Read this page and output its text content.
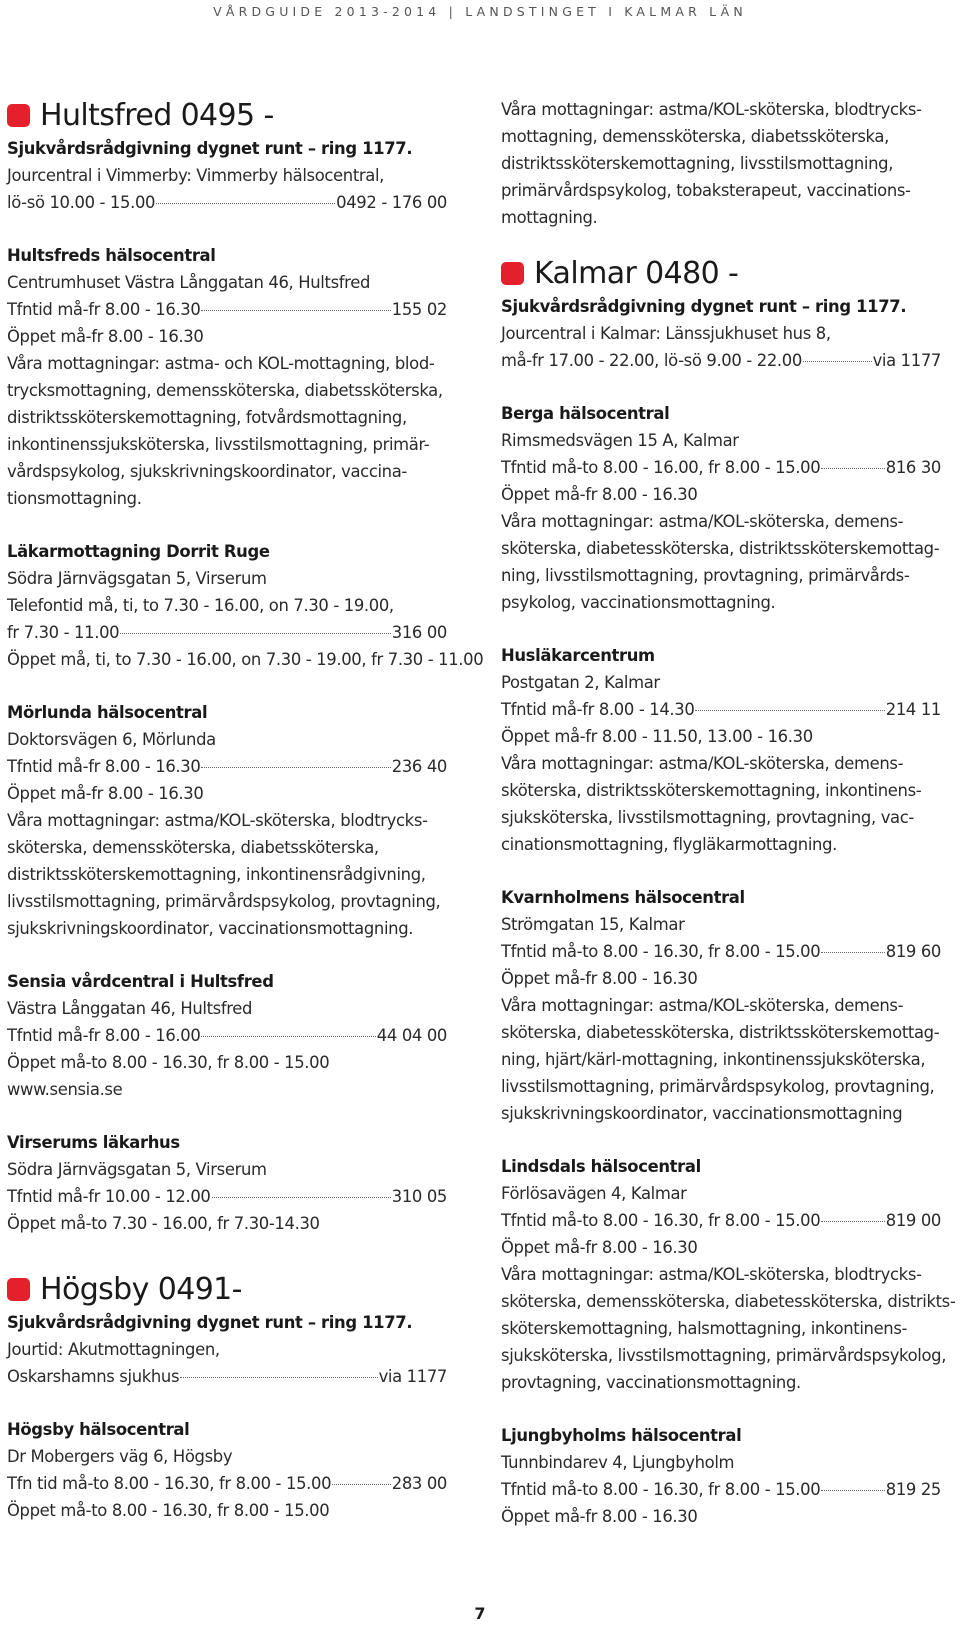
VÅRDGUIDE 2013-2014 | LANDSTINGET I KALMAR LÄN
Hultsfred 0495 -
Sjukvårdsrådgivning dygnet runt – ring 1177.
Jourcentral i Vimmerby: Vimmerby hälsocentral,
lö-sö 10.00 - 15.00	0492 - 176 00
Hultsfreds hälsocentral
Centrumhuset Västra Långgatan 46, Hultsfred
Tfntid må-fr 8.00 - 16.30	155 02
Öppet må-fr 8.00 - 16.30
Våra mottagningar: astma- och KOL-mottagning, blod-
trycksmottagning, demenssköterska, diabetssköterska,
distriktssköterskemottagning, fotvårdsmottagning,
inkontinenssjuksköterska, livsstilsmottagning, primär-
vårdspsykolog, sjukskrivningskoordinator, vaccina-
tionsmottagning.
Läkarmottagning Dorrit Ruge
Södra Järnvägsgatan 5, Virserum
Telefontid må, ti, to 7.30 - 16.00, on 7.30 - 19.00,
fr 7.30 - 11.00	316 00
Öppet må, ti, to 7.30 - 16.00, on 7.30 - 19.00, fr 7.30 - 11.00
Mörlunda hälsocentral
Doktorsvägen 6, Mörlunda
Tfntid må-fr 8.00 - 16.30	236 40
Öppet må-fr 8.00 - 16.30
Våra mottagningar: astma/KOL-sköterska, blodtrycks-
sköterska, demenssköterska, diabetssköterska,
distriktssköterskemottagning, inkontinensrådgivning,
livsstilsmottagning, primärvårdspsykolog, provtagning,
sjukskrivningskoordinator, vaccinationsmottagning.
Sensia vårdcentral i Hultsfred
Västra Långgatan 46, Hultsfred
Tfntid må-fr 8.00 - 16.00	44 04 00
Öppet må-to 8.00 - 16.30, fr 8.00 - 15.00
www.sensia.se
Virserums läkarhus
Södra Järnvägsgatan 5, Virserum
Tfntid må-fr 10.00 - 12.00	310 05
Öppet må-to 7.30 - 16.00, fr 7.30-14.30
Högsby 0491-
Sjukvårdsrådgivning dygnet runt – ring 1177.
Jourtid: Akutmottagningen,
Oskarshamns sjukhus	via 1177
Högsby hälsocentral
Dr Mobergers väg 6, Högsby
Tfn tid må-to 8.00 - 16.30, fr 8.00 - 15.00	283 00
Öppet må-to 8.00 - 16.30, fr 8.00 - 15.00
Våra mottagningar: astma/KOL-sköterska, blodtrycks-
mottagning, demenssköterska, diabetssköterska,
distriktssköterskemottagning, livsstilsmottagning,
primärvårdspsykolog, tobaksterapeut, vaccinations-
mottagning.
Kalmar 0480 -
Sjukvårdsrådgivning dygnet runt – ring 1177.
Jourcentral i Kalmar: Länssjukhuset hus 8,
må-fr 17.00 - 22.00, lö-sö 9.00 - 22.00	via 1177
Berga hälsocentral
Rimsmedsvägen 15 A, Kalmar
Tfntid må-to 8.00 - 16.00, fr 8.00 - 15.00	816 30
Öppet må-fr 8.00 - 16.30
Våra mottagningar: astma/KOL-sköterska, demens-
sköterska, diabetessköterska, distriktssköterskemottag-
ning, livsstilsmottagning, provtagning, primärvårds-
psykolog, vaccinationsmottagning.
Husläkarcentrum
Postgatan 2, Kalmar
Tfntid må-fr 8.00 - 14.30	214 11
Öppet må-fr 8.00 - 11.50, 13.00 - 16.30
Våra mottagningar: astma/KOL-sköterska, demens-
sköterska, distriktssköterskemottagning, inkontinens-
sjuksköterska, livsstilsmottagning, provtagning, vac-
cinationsmottagning, flygläkarmottagning.
Kvarnholmens hälsocentral
Strömgatan 15, Kalmar
Tfntid må-to 8.00 - 16.30, fr 8.00 - 15.00	819 60
Öppet må-fr 8.00 - 16.30
Våra mottagningar: astma/KOL-sköterska, demens-
sköterska, diabetessköterska, distriktssköterskemottag-
ning, hjärt/kärl-mottagning, inkontinenssjuksköterska,
livsstilsmottagning, primärvårdspsykolog, provtagning,
sjukskrivningskoordinator, vaccinationsmottagning
Lindsdals hälsocentral
Förlösavägen 4, Kalmar
Tfntid må-to 8.00 - 16.30, fr 8.00 - 15.00	819 00
Öppet må-fr 8.00 - 16.30
Våra mottagningar: astma/KOL-sköterska, blodtrycks-
sköterska, demenssköterska, diabetessköterska, distrikts-
sköterskemottagning, halsmottagning, inkontinens-
sjuksköterska, livsstilsmottagning, primärvårdspsykolog,
provtagning, vaccinationsmottagning.
Ljungbyholms hälsocentral
Tunnbindarev 4, Ljungbyholm
Tfntid må-to 8.00 - 16.30, fr 8.00 - 15.00	819 25
Öppet må-fr 8.00 - 16.30
7
